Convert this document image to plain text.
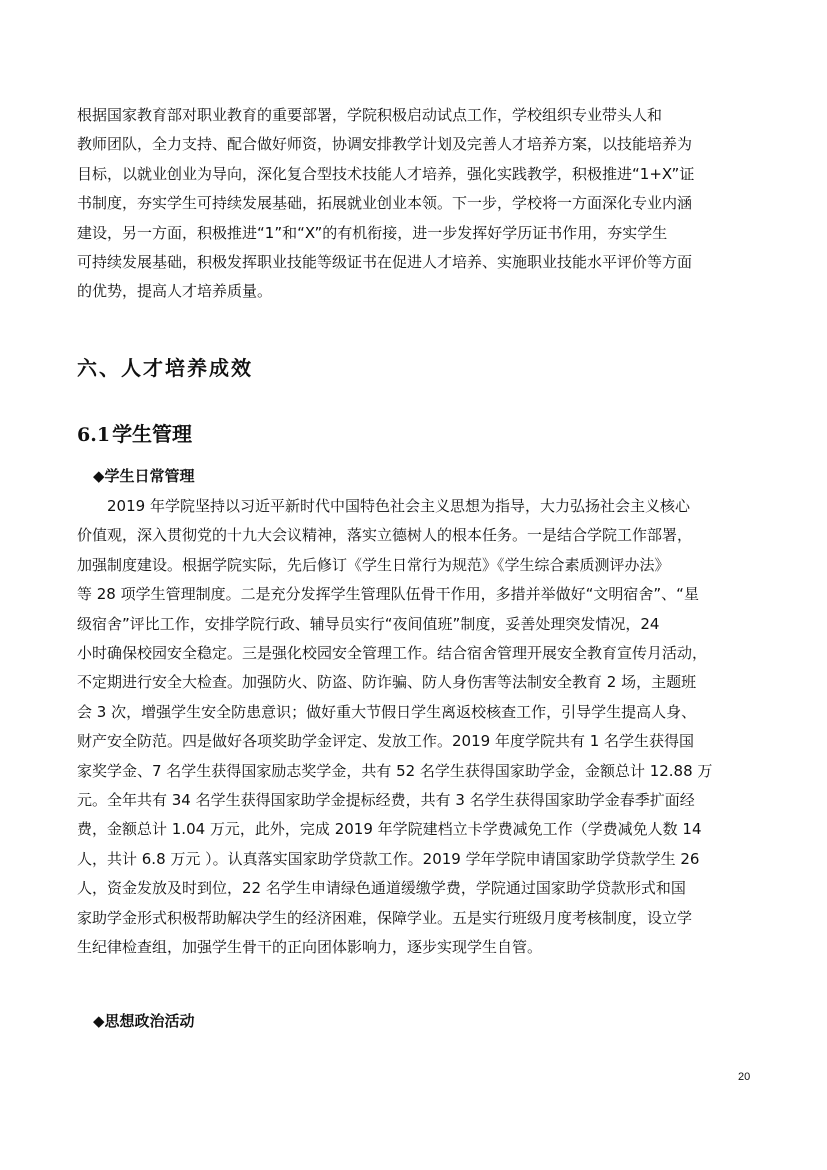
根据国家教育部对职业教育的重要部署，学院积极启动试点工作，学校组织专业带头人和

教师团队，全力支持、配合做好师资，协调安排教学计划及完善人才培养方案，以技能培养为

目标，以就业创业为导向，深化复合型技术技能人才培养，强化实践教学，积极推进“1+X”证

书制度，夯实学生可持续发展基础，拓展就业创业本领。下一步，学校将一方面深化专业内涵

建设，另一方面，积极推进“1”和“X”的有机衔接，进一步发挥好学历证书作用，夯实学生

可持续发展基础，积极发挥职业技能等级证书在促进人才培养、实施职业技能水平评价等方面

的优势，提高人才培养质量。

六、人才培养成效
6.1 学生管理
◆学生日常管理

　　2019 年学院坚持以习近平新时代中国特色社会主义思想为指导，大力弘扬社会主义核心

价值观，深入贯彻党的十九大会议精神，落实立德树人的根本任务。一是结合学院工作部署，

加强制度建设。根据学院实际，先后修订《学生日常行为规范》《学生综合素质测评办法》

等 28 项学生管理制度。二是充分发挥学生管理队伍骨干作用，多措并举做好“文明宿舍”、“星

级宿舍”评比工作，安排学院行政、辅导员实行“夜间值班”制度，妥善处理突发情况，24

小时确保校园安全稳定。三是强化校园安全管理工作。结合宿舍管理开展安全教育宣传月活动，

不定期进行安全大检查。加强防火、防盗、防诈骗、防人身伤害等法制安全教育 2 场，主题班

会 3 次，增强学生安全防患意识；做好重大节假日学生离返校核查工作，引导学生提高人身、

财产安全防范。四是做好各项奖助学金评定、发放工作。2019 年度学院共有 1 名学生获得国

家奖学金、7 名学生获得国家励志奖学金，共有 52 名学生获得国家助学金，金额总计 12.88 万

元。全年共有 34 名学生获得国家助学金提标经费，共有 3 名学生获得国家助学金春季扩面经

费，金额总计 1.04 万元，此外，完成 2019 年学院建档立卡学费减免工作（学费减免人数 14

人，共计 6.8 万元 ）。认真落实国家助学贷款工作。2019 学年学院申请国家助学贷款学生 26

人，资金发放及时到位，22 名学生申请绿色通道缓缴学费，学院通过国家助学贷款形式和国

家助学金形式积极帮助解决学生的经济困难，保障学业。五是实行班级月度考核制度，设立学

生纪律检查组，加强学生骨干的正向团体影响力，逐步实现学生自管。

◆思想政治活动
20
